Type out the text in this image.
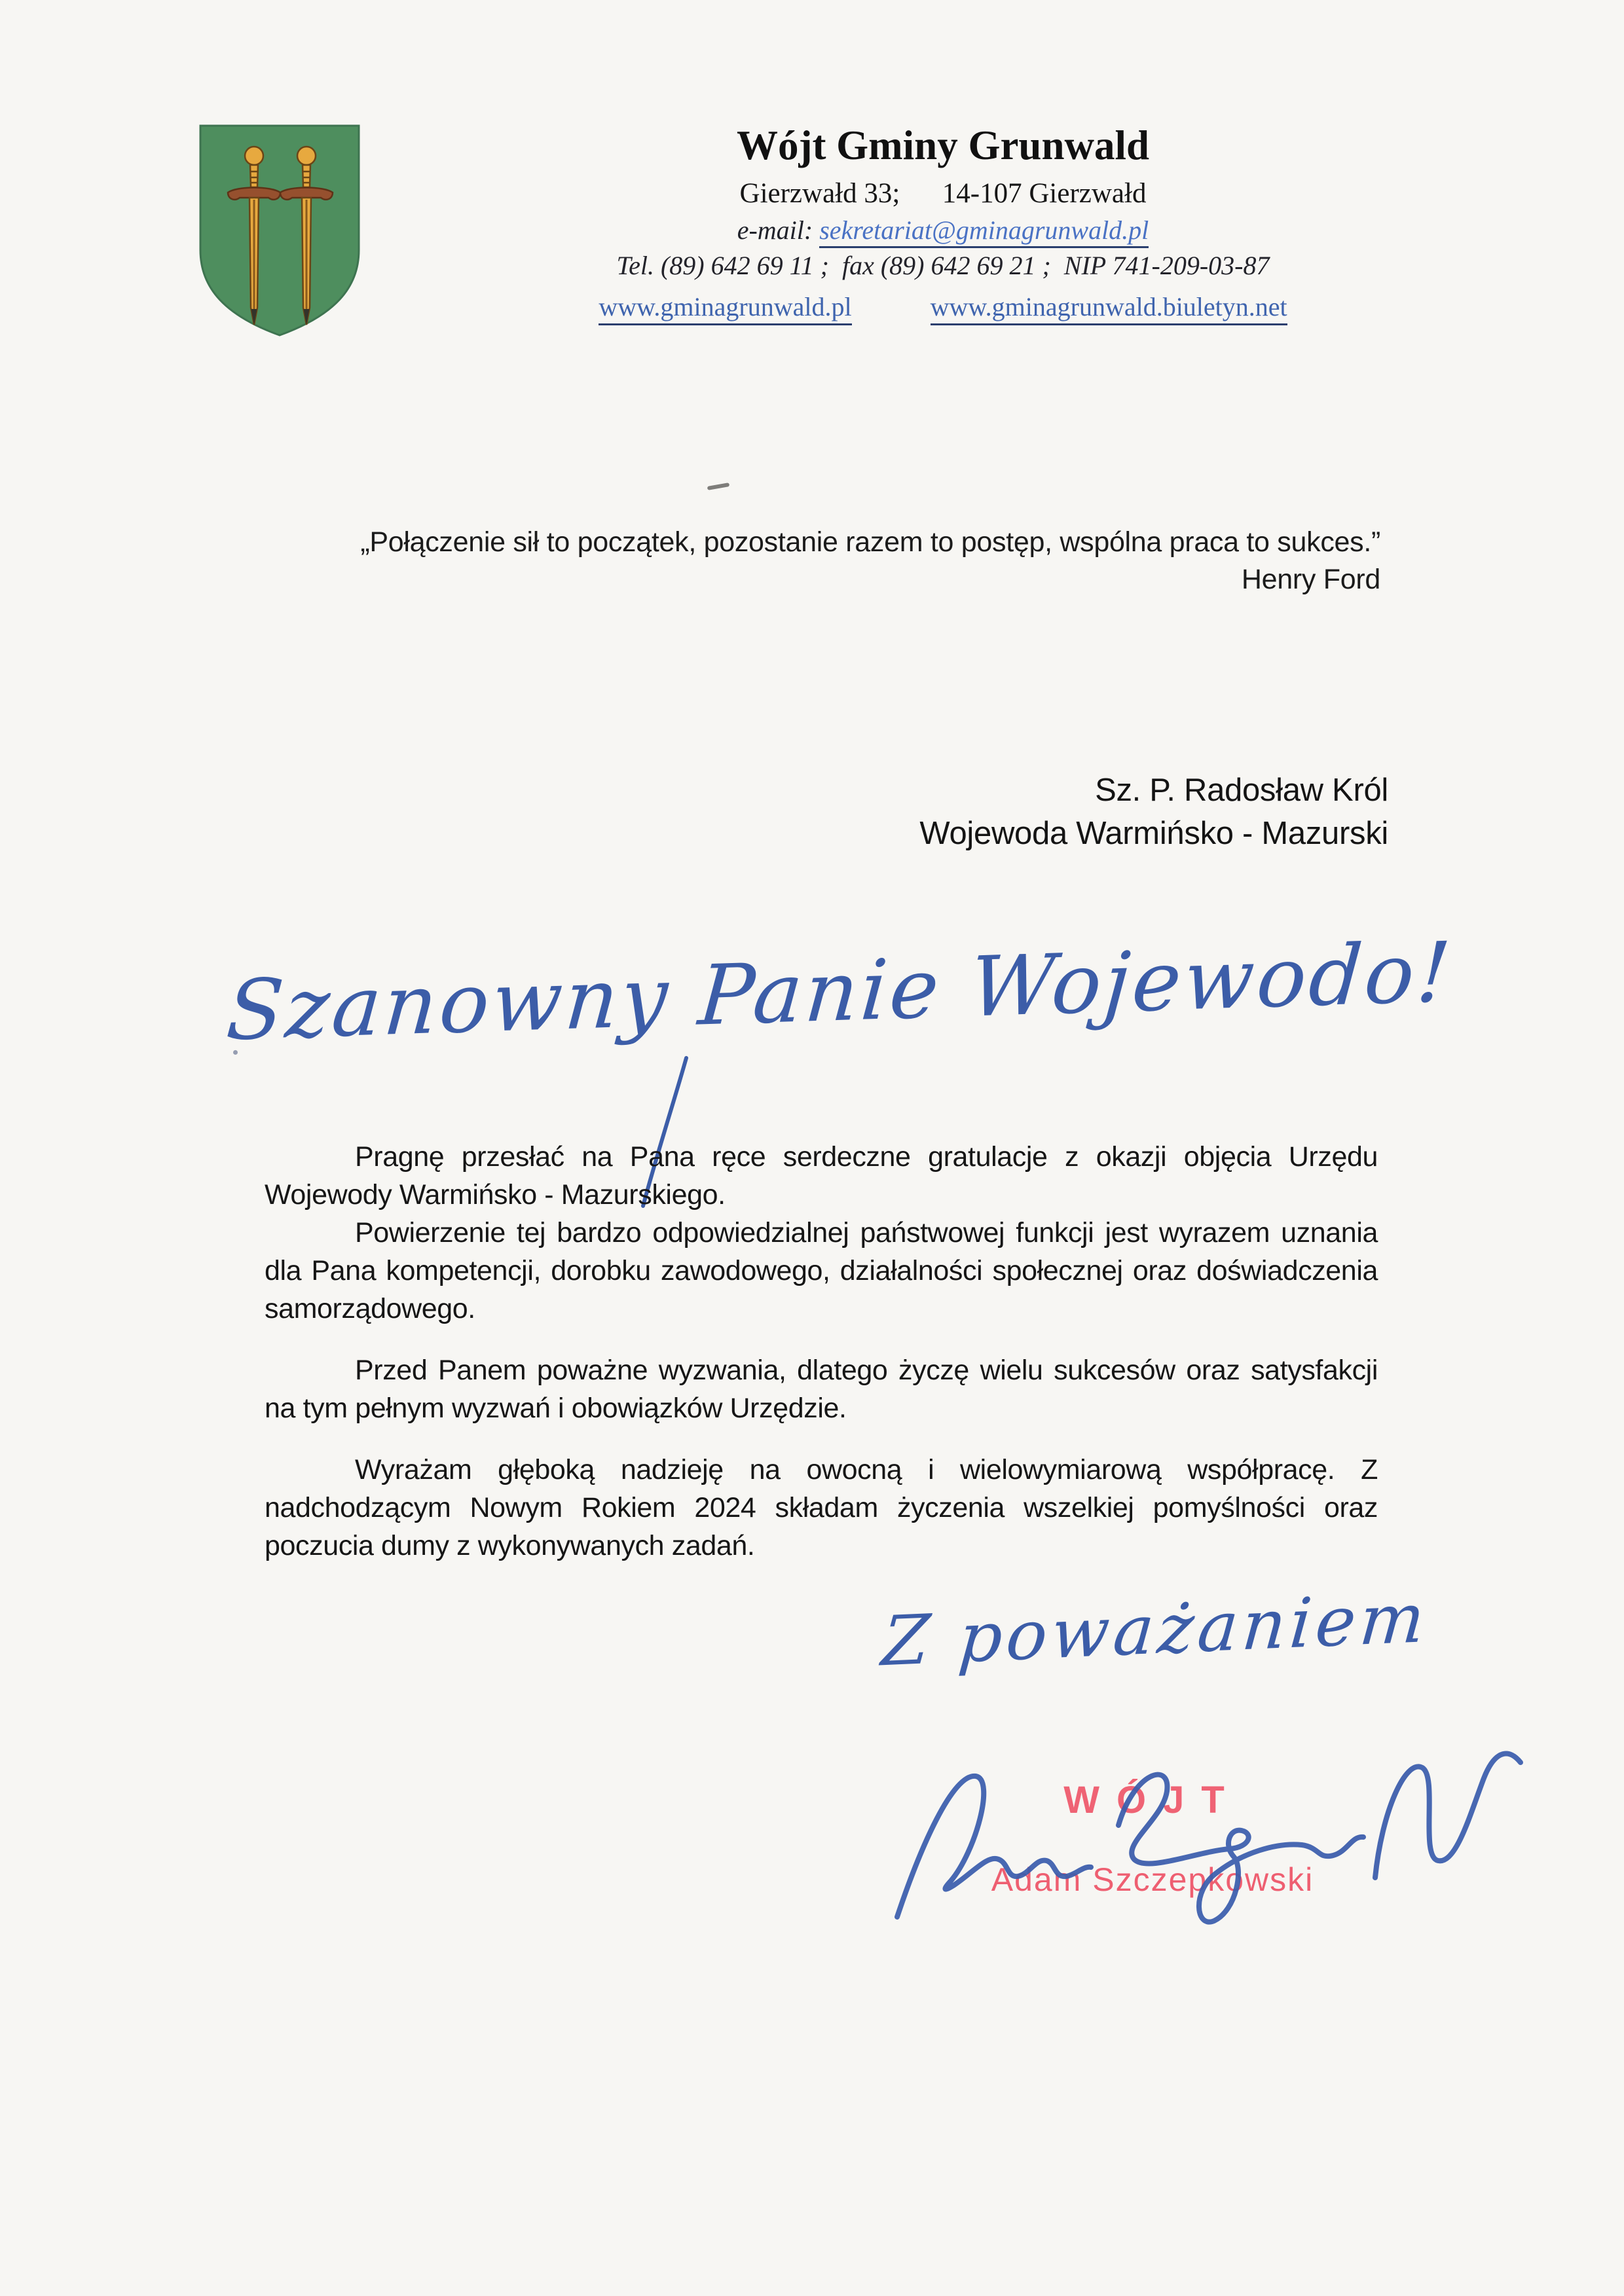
Wójt Gminy Grunwald
Gierzwałd 33;      14-107 Gierzwałd
e-mail: sekretariat@gminagrunwald.pl
Tel. (89) 642 69 11 ;  fax (89) 642 69 21 ;  NIP 741-209-03-87
www.gminagrunwald.pl	www.gminagrunwald.biuletyn.net
„Połączenie sił to początek, pozostanie razem to postęp, wspólna praca to sukces.”
Henry Ford
Sz. P. Radosław Król
Wojewoda Warmińsko - Mazurski
Szanowny Panie Wojewodo!

Pragnę przesłać na Pana ręce serdeczne gratulacje z okazji objęcia Urzędu Wojewody Warmińsko - Mazurskiego.

Powierzenie tej bardzo odpowiedzialnej państwowej funkcji jest wyrazem uznania dla Pana kompetencji, dorobku zawodowego, działalności społecznej oraz doświadczenia samorządowego.

Przed Panem poważne wyzwania, dlatego życzę wielu sukcesów oraz satysfakcji na tym pełnym wyzwań i obowiązków Urzędzie.

Wyrażam głęboką nadzieję na owocną i wielowymiarową współpracę. Z nadchodzącym Nowym Rokiem 2024 składam życzenia wszelkiej pomyślności oraz poczucia dumy z wykonywanych zadań.

Z poważaniem
WÓJT
Adam Szczepkowski
